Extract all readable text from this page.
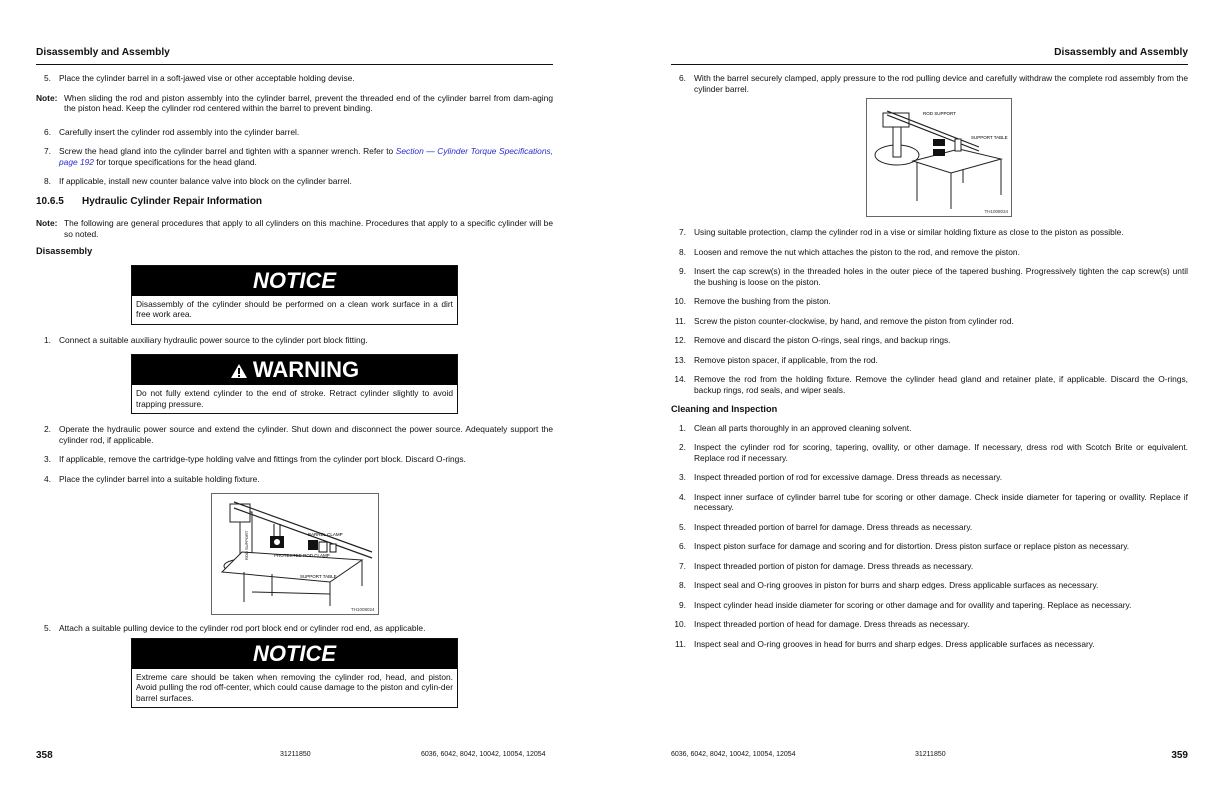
Disassembly and Assembly
5. Place the cylinder barrel in a soft-jawed vise or other acceptable holding devise.
Note: When sliding the rod and piston assembly into the cylinder barrel, prevent the threaded end of the cylinder barrel from dam-aging the piston head. Keep the cylinder rod centered within the barrel to prevent binding.
6. Carefully insert the cylinder rod assembly into the cylinder barrel.
7. Screw the head gland into the cylinder barrel and tighten with a spanner wrench. Refer to Section — Cylinder Torque Specifications, page 192 for torque specifications for the head gland.
8. If applicable, install new counter balance valve into block on the cylinder barrel.
10.6.5	Hydraulic Cylinder Repair Information
Note: The following are general procedures that apply to all cylinders on this machine. Procedures that apply to a specific cylinder will be so noted.
Disassembly
NOTICE
Disassembly of the cylinder should be performed on a clean work surface in a dirt free work area.
1. Connect a suitable auxiliary hydraulic power source to the cylinder port block fitting.
WARNING
Do not fully extend cylinder to the end of stroke. Retract cylinder slightly to avoid trapping pressure.
2. Operate the hydraulic power source and extend the cylinder. Shut down and disconnect the power source. Adequately support the cylinder rod, if applicable.
3. If applicable, remove the cartridge-type holding valve and fittings from the cylinder port block. Discard O-rings.
4. Place the cylinder barrel into a suitable holding fixture.
BARREL CLAMP
PROTECTED ROD CLAMP
SUPPORT TABLE
ROD SUPPORT
TH1008024
5. Attach a suitable pulling device to the cylinder rod port block end or cylinder rod end, as applicable.
NOTICE
Extreme care should be taken when removing the cylinder rod, head, and piston. Avoid pulling the rod off-center, which could cause damage to the piston and cylin-der barrel surfaces.
358	31211850	6036, 6042, 8042, 10042, 10054, 12054
Disassembly and Assembly
6. With the barrel securely clamped, apply pressure to the rod pulling device and carefully withdraw the complete rod assembly from the cylinder barrel.
ROD SUPPORT
SUPPORT TABLE
TH1008034
7. Using suitable protection, clamp the cylinder rod in a vise or similar holding fixture as close to the piston as possible.
8. Loosen and remove the nut which attaches the piston to the rod, and remove the piston.
9. Insert the cap screw(s) in the threaded holes in the outer piece of the tapered bushing. Progressively tighten the cap screw(s) until the bushing is loose on the piston.
10. Remove the bushing from the piston.
11. Screw the piston counter-clockwise, by hand, and remove the piston from cylinder rod.
12. Remove and discard the piston O-rings, seal rings, and backup rings.
13. Remove piston spacer, if applicable, from the rod.
14. Remove the rod from the holding fixture. Remove the cylinder head gland and retainer plate, if applicable. Discard the O-rings, backup rings, rod seals, and wiper seals.
Cleaning and Inspection
1. Clean all parts thoroughly in an approved cleaning solvent.
2. Inspect the cylinder rod for scoring, tapering, ovallity, or other damage. If necessary, dress rod with Scotch Brite or equivalent. Replace rod if necessary.
3. Inspect threaded portion of rod for excessive damage. Dress threads as necessary.
4. Inspect inner surface of cylinder barrel tube for scoring or other damage. Check inside diameter for tapering or ovallity. Replace if necessary.
5. Inspect threaded portion of barrel for damage. Dress threads as necessary.
6. Inspect piston surface for damage and scoring and for distortion. Dress piston surface or replace piston as necessary.
7. Inspect threaded portion of piston for damage. Dress threads as necessary.
8. Inspect seal and O-ring grooves in piston for burrs and sharp edges. Dress applicable surfaces as necessary.
9. Inspect cylinder head inside diameter for scoring or other damage and for ovallity and tapering. Replace as necessary.
10. Inspect threaded portion of head for damage. Dress threads as necessary.
11. Inspect seal and O-ring grooves in head for burrs and sharp edges. Dress applicable surfaces as necessary.
6036, 6042, 8042, 10042, 10054, 12054	31211850	359
